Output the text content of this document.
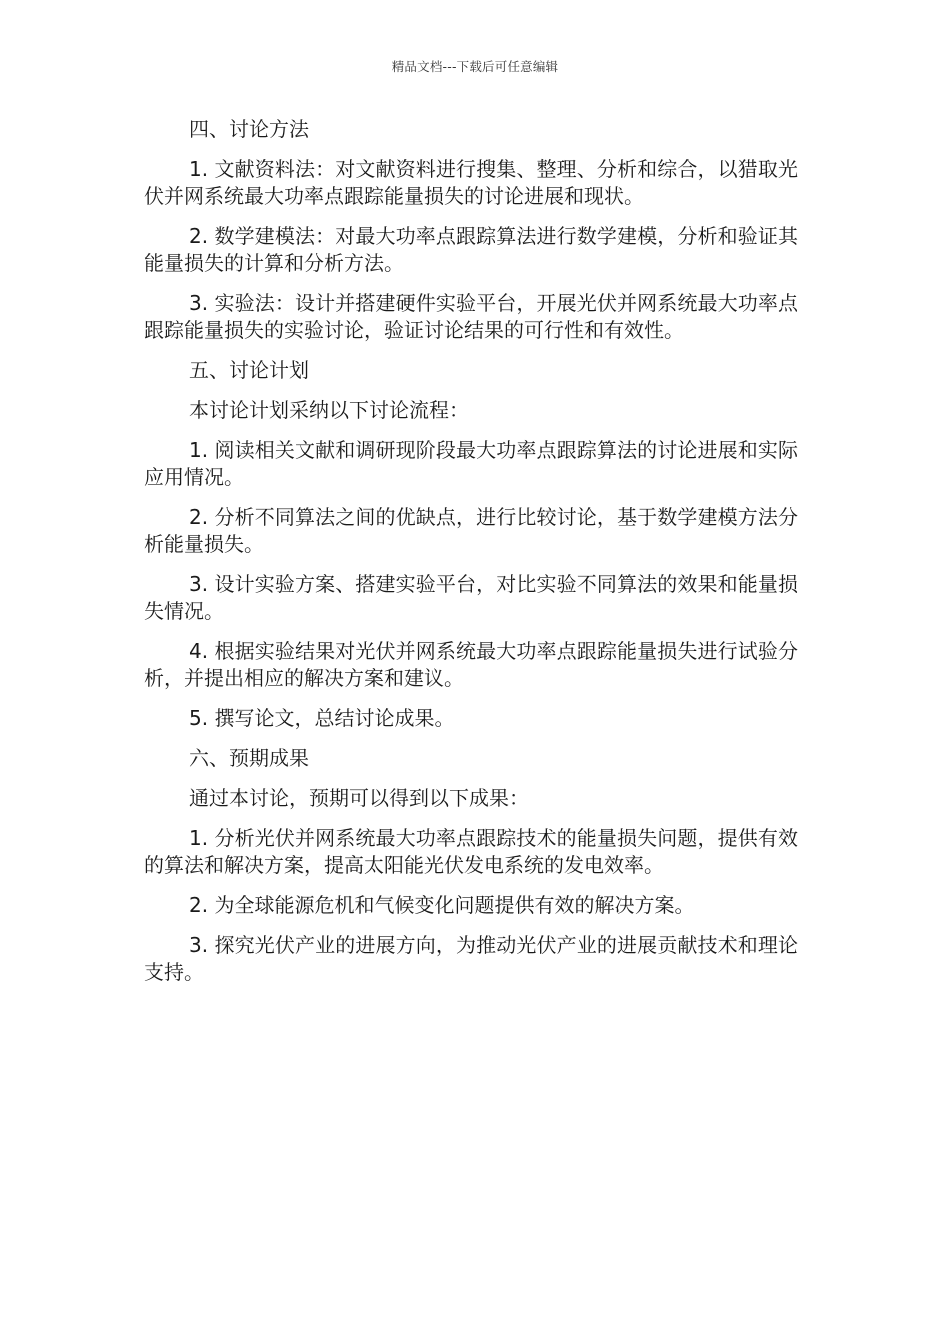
精品文档---下载后可任意编辑

四、讨论方法

1. 文献资料法：对文献资料进行搜集、整理、分析和综合，以猎取光伏并网系统最大功率点跟踪能量损失的讨论进展和现状。

2. 数学建模法：对最大功率点跟踪算法进行数学建模，分析和验证其能量损失的计算和分析方法。

3. 实验法：设计并搭建硬件实验平台，开展光伏并网系统最大功率点跟踪能量损失的实验讨论，验证讨论结果的可行性和有效性。

五、讨论计划

本讨论计划采纳以下讨论流程：

1. 阅读相关文献和调研现阶段最大功率点跟踪算法的讨论进展和实际应用情况。

2. 分析不同算法之间的优缺点，进行比较讨论，基于数学建模方法分析能量损失。

3. 设计实验方案、搭建实验平台，对比实验不同算法的效果和能量损失情况。

4. 根据实验结果对光伏并网系统最大功率点跟踪能量损失进行试验分析，并提出相应的解决方案和建议。

5. 撰写论文，总结讨论成果。

六、预期成果

通过本讨论，预期可以得到以下成果：

1. 分析光伏并网系统最大功率点跟踪技术的能量损失问题，提供有效的算法和解决方案，提高太阳能光伏发电系统的发电效率。

2. 为全球能源危机和气候变化问题提供有效的解决方案。

3. 探究光伏产业的进展方向，为推动光伏产业的进展贡献技术和理论支持。
